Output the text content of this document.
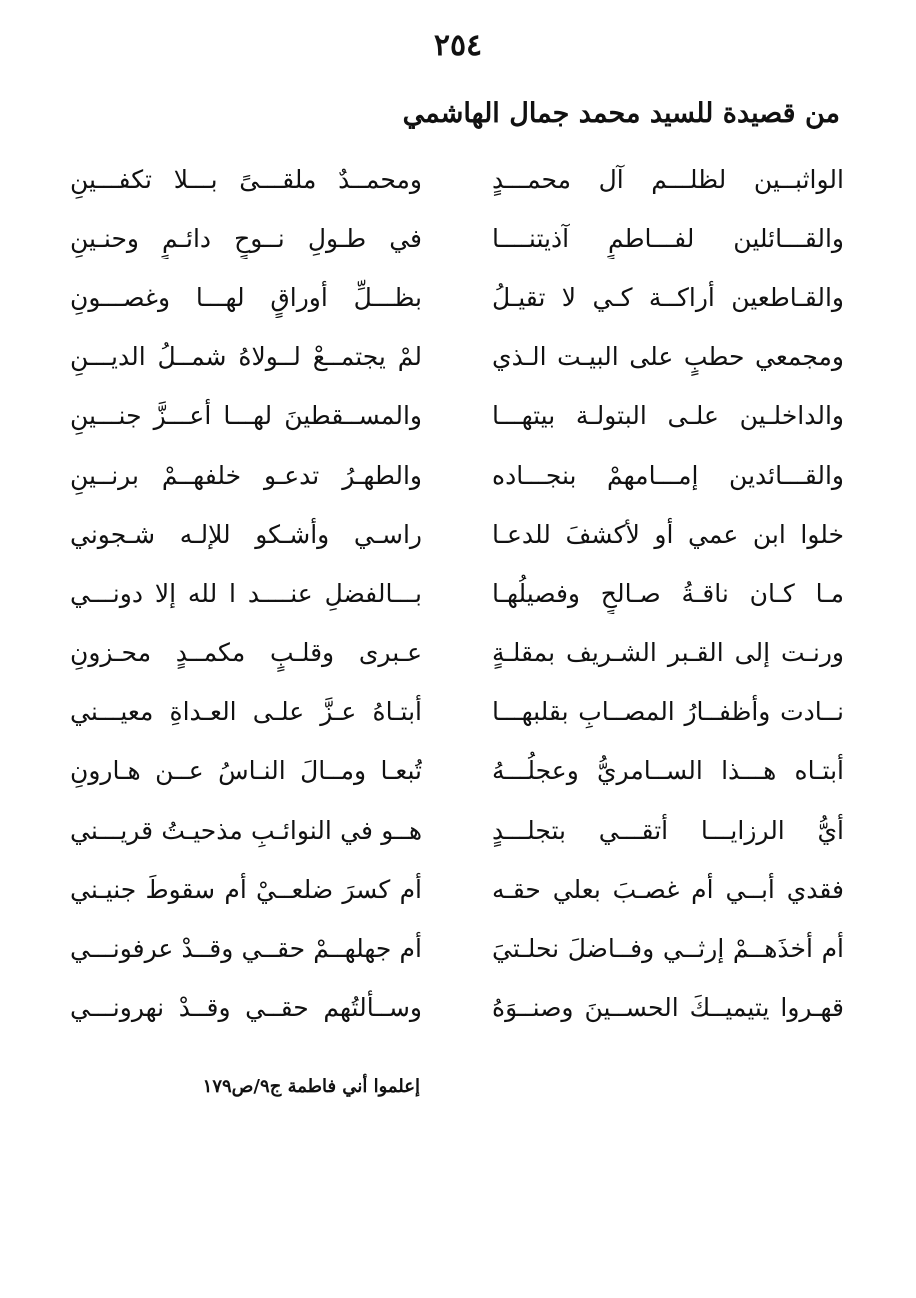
٢٥٤
من قصيدة للسيد محمد جمال الهاشمي
الواثبــين لظلـــم آل محمـــدٍ
ومحمــدٌ ملقـــىً بـــلا تكفـــينِ
والقـــائلين لفـــاطمٍ آذيتنــــا
في طـولِ نــوحٍ دائـمٍ وحنـينِ
والقـاطعين أراكــة كـي لا تقيـلُ
بظـــلِّ أوراقٍ لهـــا وغصـــونِ
ومجمعي حطبٍ على البيـت الـذي
لمْ يجتمــعْ لــولاهُ شمــلُ الديـــنِ
والداخلـين علـى البتولـة بيتهـــا
والمســقطينَ لهـــا أعـــزَّ جنـــينِ
والقـــائدين إمـــامهمْ بنجـــاده
والطهـرُ تدعـو خلفهــمْ برنــينِ
خلوا ابن عمي أو لأكشفَ للدعـا
راسـي وأشـكو للإلـه شـجوني
مـا كـان ناقـةُ صـالحٍ وفصيلُهـا
بـــالفضلِ عنــــد ا لله إلا دونـــي
ورنـت إلى القـبر الشـريف بمقلـةٍ
عـبرى وقلـبٍ مكمــدٍ محـزونِ
نــادت وأظفــارُ المصــابِ بقلبهـــا
أبتـاهُ عـزَّ علـى العـداةِ معيـــني
أبتـاه هـــذا الســامريُّ وعجلُـــهُ
تُبعـا ومــالَ النـاسُ عــن هـارونِ
أيُّ الرزايـــا أتقـــي بتجلـــدٍ
هــو في النوائـبِ مذحيـتُ قريـــني
فقدي أبــي أم غصـبَ بعلي حقـه
أم كسرَ ضلعــيْ أم سقوطَ جنيـني
أم أخذَهــمْ إرثــي وفــاضلَ نحلـتيَ
أم جهلهــمْ حقــي وقــدْ عرفونـــي
قهـروا يتيميــكَ الحســينَ وصنــوَهُ
وســألتُهم حقــي وقــدْ نهرونـــي
إعلموا أني فاطمة ج٩/ص١٧٩
